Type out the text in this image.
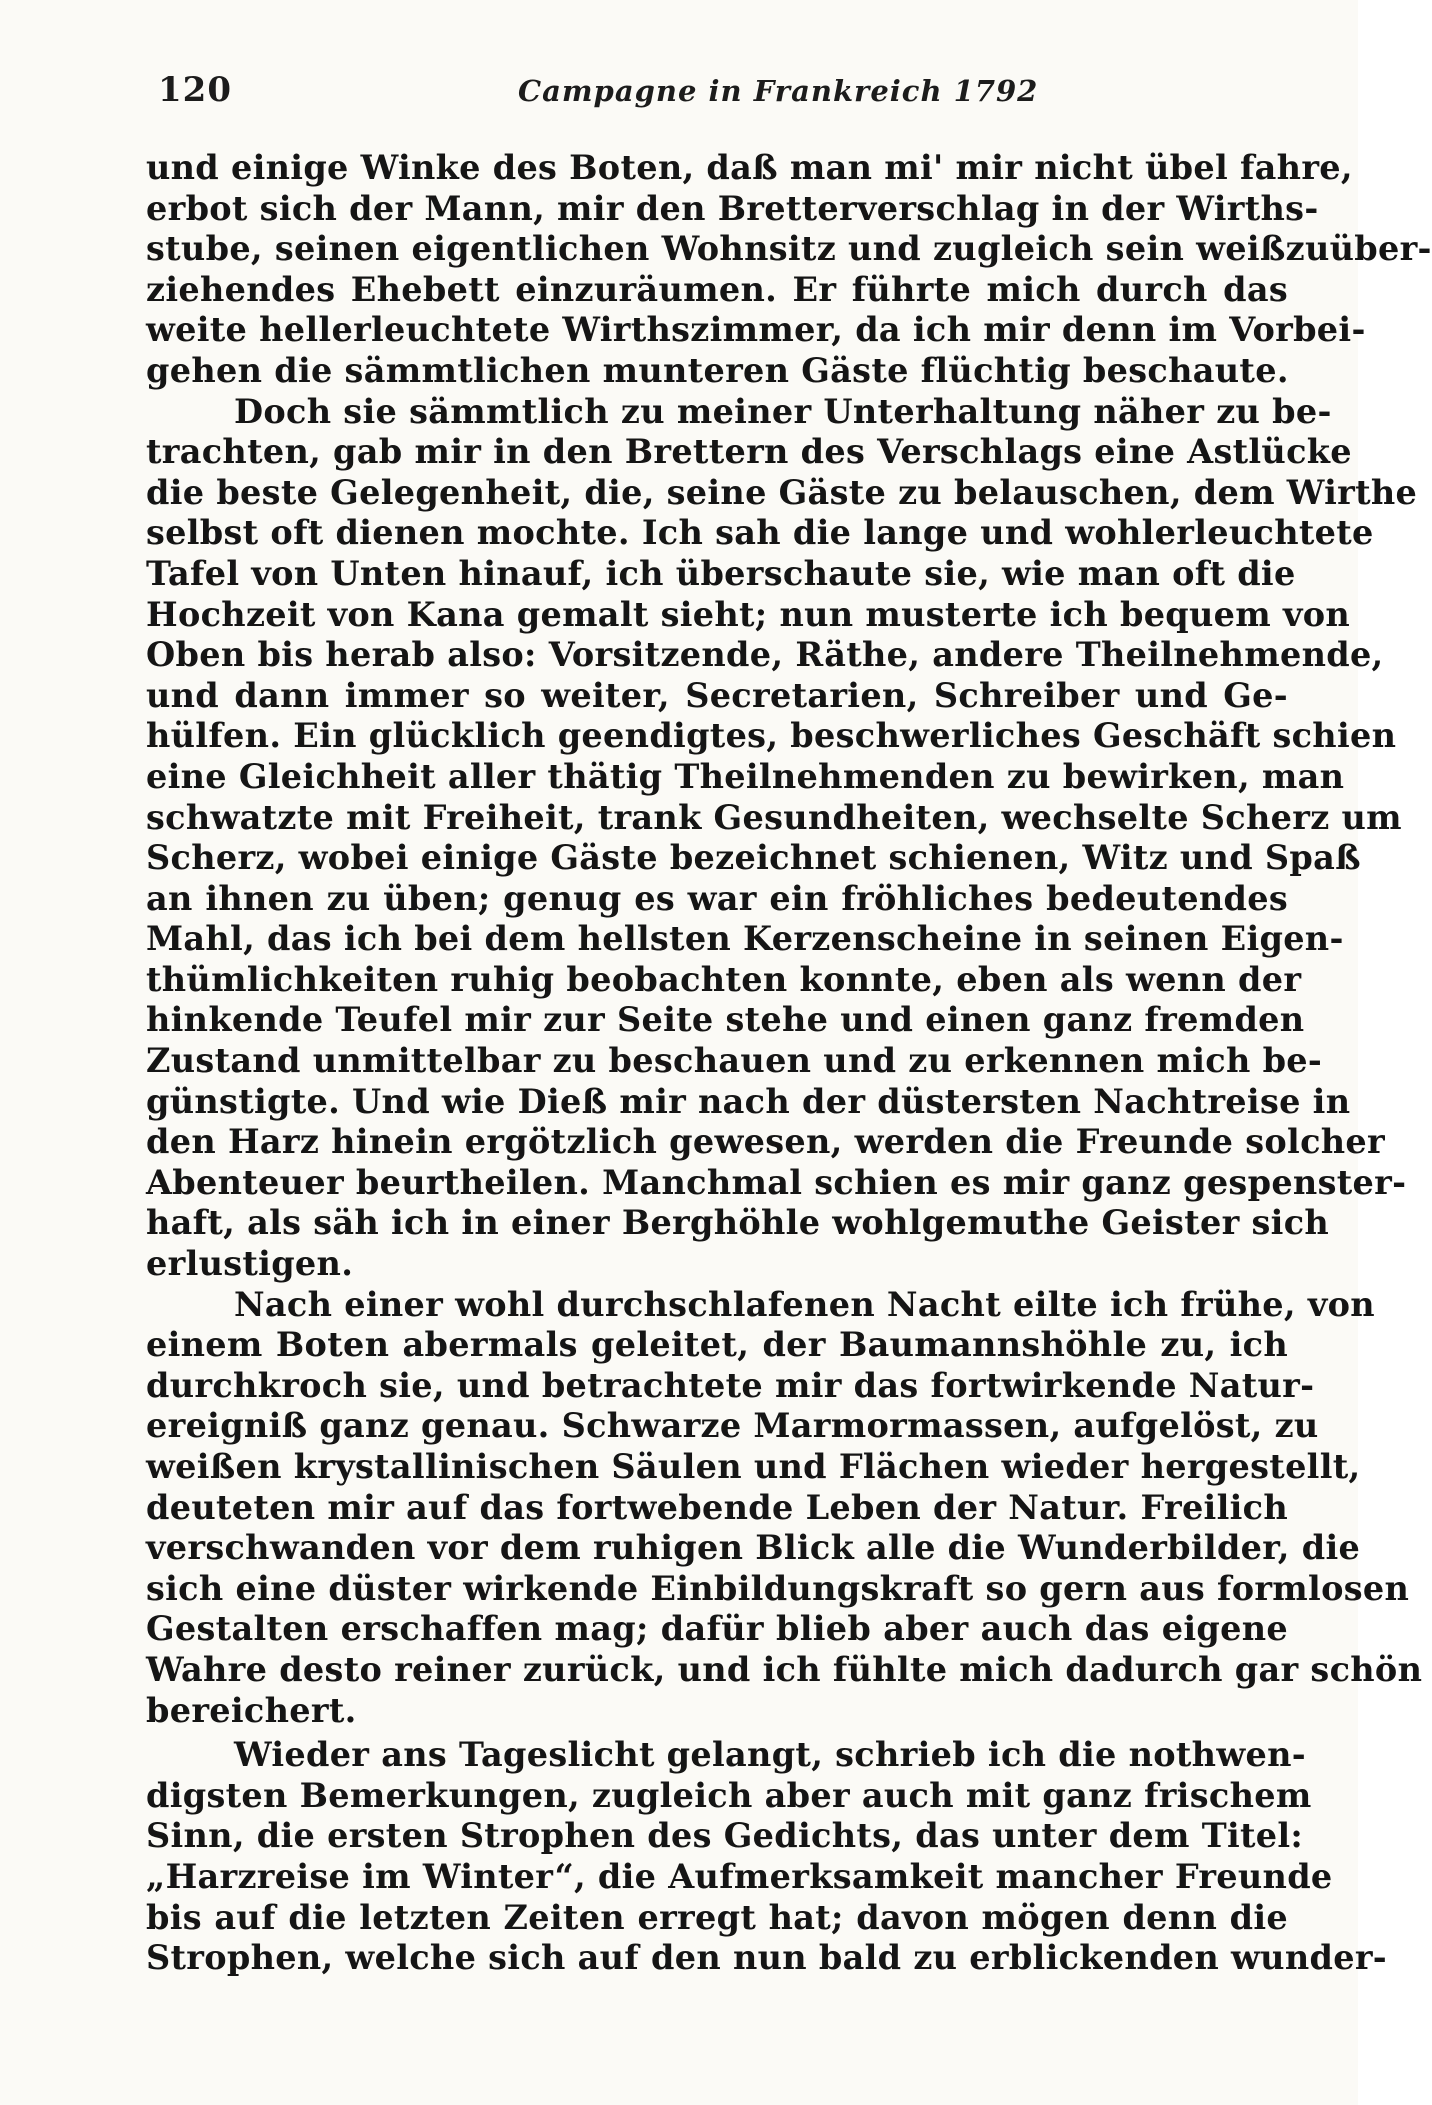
120	Campagne in Frankreich 1792
und einige Winke des Boten, daß man mi' mir nicht übel fahre,
erbot sich der Mann, mir den Bretterverschlag in der Wirths-
stube, seinen eigentlichen Wohnsitz und zugleich sein weißzuüber-
ziehendes Ehebett einzuräumen. Er führte mich durch das
weite hellerleuchtete Wirthszimmer, da ich mir denn im Vorbei-
gehen die sämmtlichen munteren Gäste flüchtig beschaute.
Doch sie sämmtlich zu meiner Unterhaltung näher zu be-
trachten, gab mir in den Brettern des Verschlags eine Astlücke
die beste Gelegenheit, die, seine Gäste zu belauschen, dem Wirthe
selbst oft dienen mochte. Ich sah die lange und wohlerleuchtete
Tafel von Unten hinauf, ich überschaute sie, wie man oft die
Hochzeit von Kana gemalt sieht; nun musterte ich bequem von
Oben bis herab also: Vorsitzende, Räthe, andere Theilnehmende,
und dann immer so weiter, Secretarien, Schreiber und Ge-
hülfen. Ein glücklich geendigtes, beschwerliches Geschäft schien
eine Gleichheit aller thätig Theilnehmenden zu bewirken, man
schwatzte mit Freiheit, trank Gesundheiten, wechselte Scherz um
Scherz, wobei einige Gäste bezeichnet schienen, Witz und Spaß
an ihnen zu üben; genug es war ein fröhliches bedeutendes
Mahl, das ich bei dem hellsten Kerzenscheine in seinen Eigen-
thümlichkeiten ruhig beobachten konnte, eben als wenn der
hinkende Teufel mir zur Seite stehe und einen ganz fremden
Zustand unmittelbar zu beschauen und zu erkennen mich be-
günstigte. Und wie Dieß mir nach der düstersten Nachtreise in
den Harz hinein ergötzlich gewesen, werden die Freunde solcher
Abenteuer beurtheilen. Manchmal schien es mir ganz gespenster-
haft, als säh ich in einer Berghöhle wohlgemuthe Geister sich
erlustigen.
Nach einer wohl durchschlafenen Nacht eilte ich frühe, von
einem Boten abermals geleitet, der Baumannshöhle zu, ich
durchkroch sie, und betrachtete mir das fortwirkende Natur-
ereigniß ganz genau. Schwarze Marmormassen, aufgelöst, zu
weißen krystallinischen Säulen und Flächen wieder hergestellt,
deuteten mir auf das fortwebende Leben der Natur. Freilich
verschwanden vor dem ruhigen Blick alle die Wunderbilder, die
sich eine düster wirkende Einbildungskraft so gern aus formlosen
Gestalten erschaffen mag; dafür blieb aber auch das eigene
Wahre desto reiner zurück, und ich fühlte mich dadurch gar schön
bereichert.
Wieder ans Tageslicht gelangt, schrieb ich die nothwen-
digsten Bemerkungen, zugleich aber auch mit ganz frischem
Sinn, die ersten Strophen des Gedichts, das unter dem Titel:
„Harzreise im Winter“, die Aufmerksamkeit mancher Freunde
bis auf die letzten Zeiten erregt hat; davon mögen denn die
Strophen, welche sich auf den nun bald zu erblickenden wunder-
